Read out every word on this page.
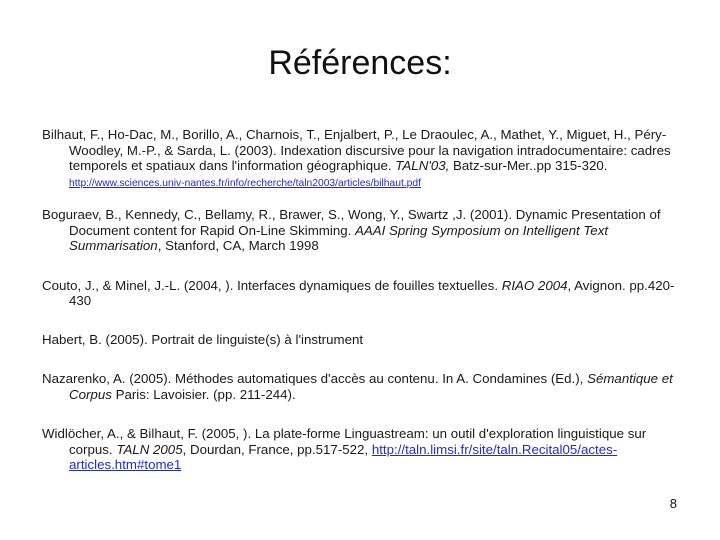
Références:
Bilhaut, F., Ho-Dac, M., Borillo, A., Charnois, T., Enjalbert, P., Le Draoulec, A., Mathet, Y., Miguet, H., Péry-Woodley, M.-P., & Sarda, L. (2003). Indexation discursive pour la navigation intradocumentaire: cadres temporels et spatiaux dans l'information géographique. TALN'03, Batz-sur-Mer..pp 315-320. http://www.sciences.univ-nantes.fr/info/recherche/taln2003/articles/bilhaut.pdf
Boguraev, B., Kennedy, C., Bellamy, R., Brawer, S., Wong, Y., Swartz ,J. (2001). Dynamic Presentation of Document content for Rapid On-Line Skimming. AAAI Spring Symposium on Intelligent Text Summarisation, Stanford, CA, March 1998
Couto, J., & Minel, J.-L. (2004, ). Interfaces dynamiques de fouilles textuelles. RIAO 2004, Avignon. pp.420-430
Habert, B. (2005). Portrait de linguiste(s) à l'instrument
Nazarenko, A. (2005). Méthodes automatiques d'accès au contenu. In A. Condamines (Ed.), Sémantique et Corpus Paris: Lavoisier. (pp. 211-244).
Widlöcher, A., & Bilhaut, F. (2005, ). La plate-forme Linguastream: un outil d'exploration linguistique sur corpus. TALN 2005, Dourdan, France, pp.517-522, http://taln.limsi.fr/site/taln.Recital05/actes-articles.htm#tome1
8
